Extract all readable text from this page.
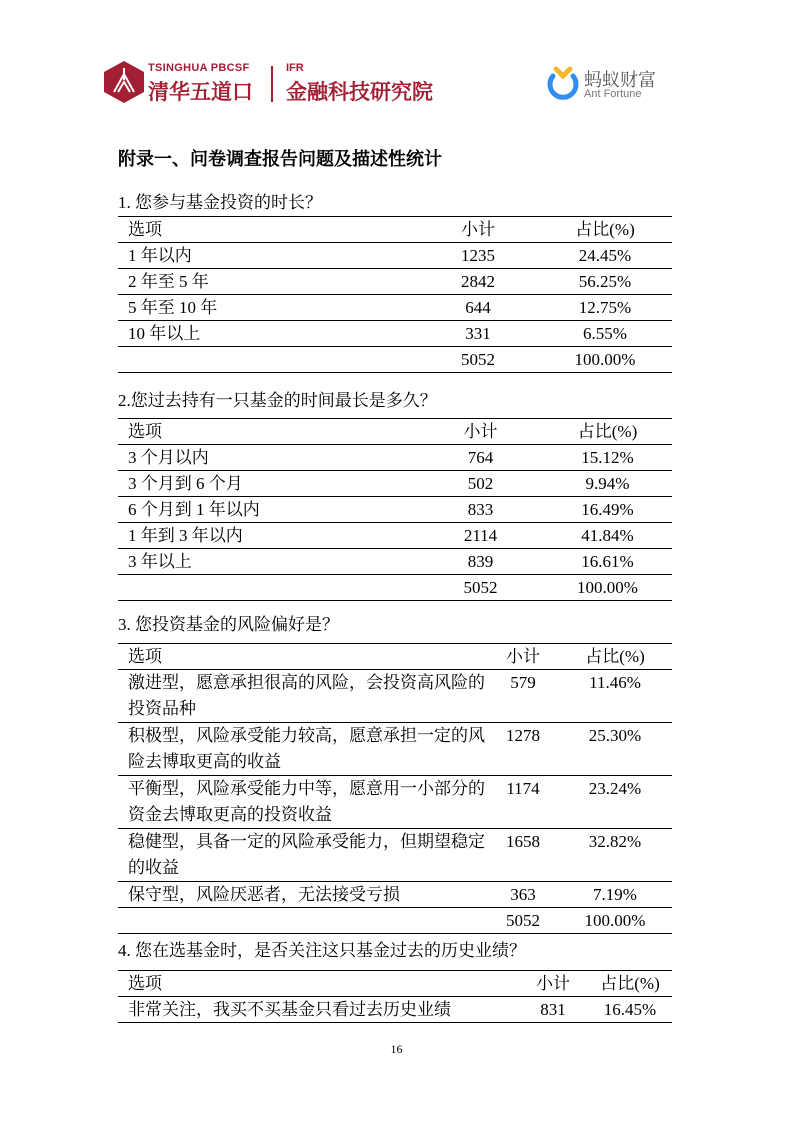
TSINGHUA PBCSF
清华五道口
IFR
金融科技研究院	蚂蚁财富
Ant Fortune
附录一、问卷调查报告问题及描述性统计
1. 您参与基金投资的时长？
选项	小计	占比(%)
1 年以内	1235	24.45%
2 年至 5 年	2842	56.25%
5 年至 10 年	644	12.75%
10 年以上	331	6.55%
	5052	100.00%
2.您过去持有一只基金的时间最长是多久？
选项	小计	占比(%)
3 个月以内	764	15.12%
3 个月到 6 个月	502	9.94%
6 个月到 1 年以内	833	16.49%
1 年到 3 年以内	2114	41.84%
3 年以上	839	16.61%
	5052	100.00%
3. 您投资基金的风险偏好是？
选项	小计	占比(%)
激进型，愿意承担很高的风险，会投资高风险的投资品种	579	11.46%
积极型，风险承受能力较高，愿意承担一定的风险去博取更高的收益	1278	25.30%
平衡型，风险承受能力中等，愿意用一小部分的资金去博取更高的投资收益	1174	23.24%
稳健型，具备一定的风险承受能力，但期望稳定的收益	1658	32.82%
保守型，风险厌恶者，无法接受亏损	363	7.19%
	5052	100.00%
4. 您在选基金时，是否关注这只基金过去的历史业绩？
选项	小计	占比(%)
非常关注，我买不买基金只看过去历史业绩	831	16.45%
16
